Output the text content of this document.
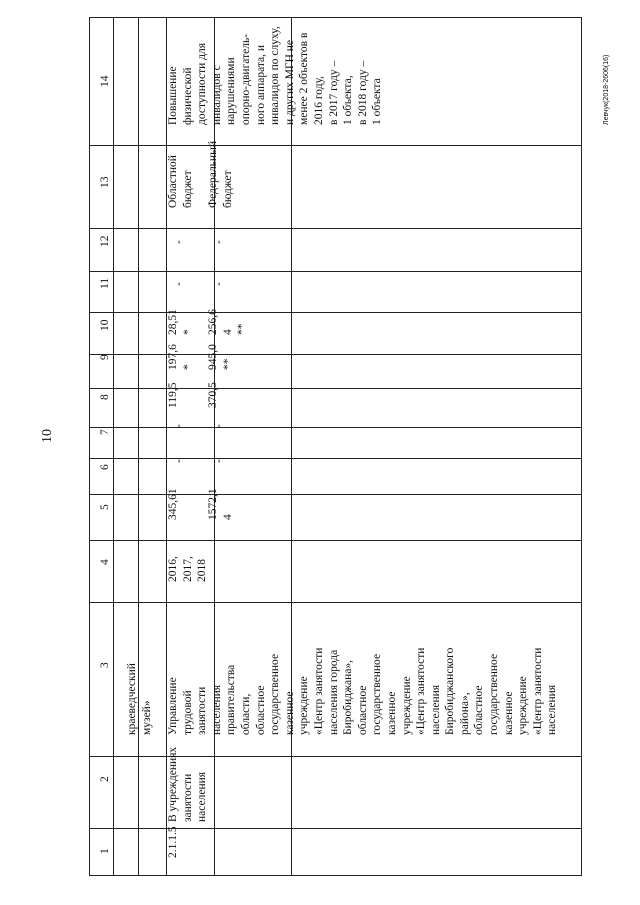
10
Левчук(2018-2606(16)
14
13
12
11
10
9
8
7
6
5
4
3
2
1
краеведческий
музей»
2.1.1.5
В учреждениях
занятости
населения
Управление
трудовой
занятости
населения
правительства
области,
областное
государственное
казенное
учреждение
«Центр занятости
населения города
Биробиджана»,
областное
государственное
казенное
учреждение
«Центр занятости
населения
Биробиджанского
района»,
областное
государственное
казенное
учреждение
«Центр занятости
населения
2016,
2017,
2018
Повышение
физической
доступности для
инвалидов с
нарушениями
опорно-двигатель-
ного аппарата, и
инвалидов по слуху,
и других МГН не
менее 2 объектов в
2016 году,
в 2017 году –
1 объекта,
в 2018 году –
1 объекта
345,61
-
-
119,5
197,6
*
28,51
*
-
-
Областной
бюджет
1572,1
4
-
-
370,5
945,0
**
256,6
4
**
-
-
Федеральный
бюджет
